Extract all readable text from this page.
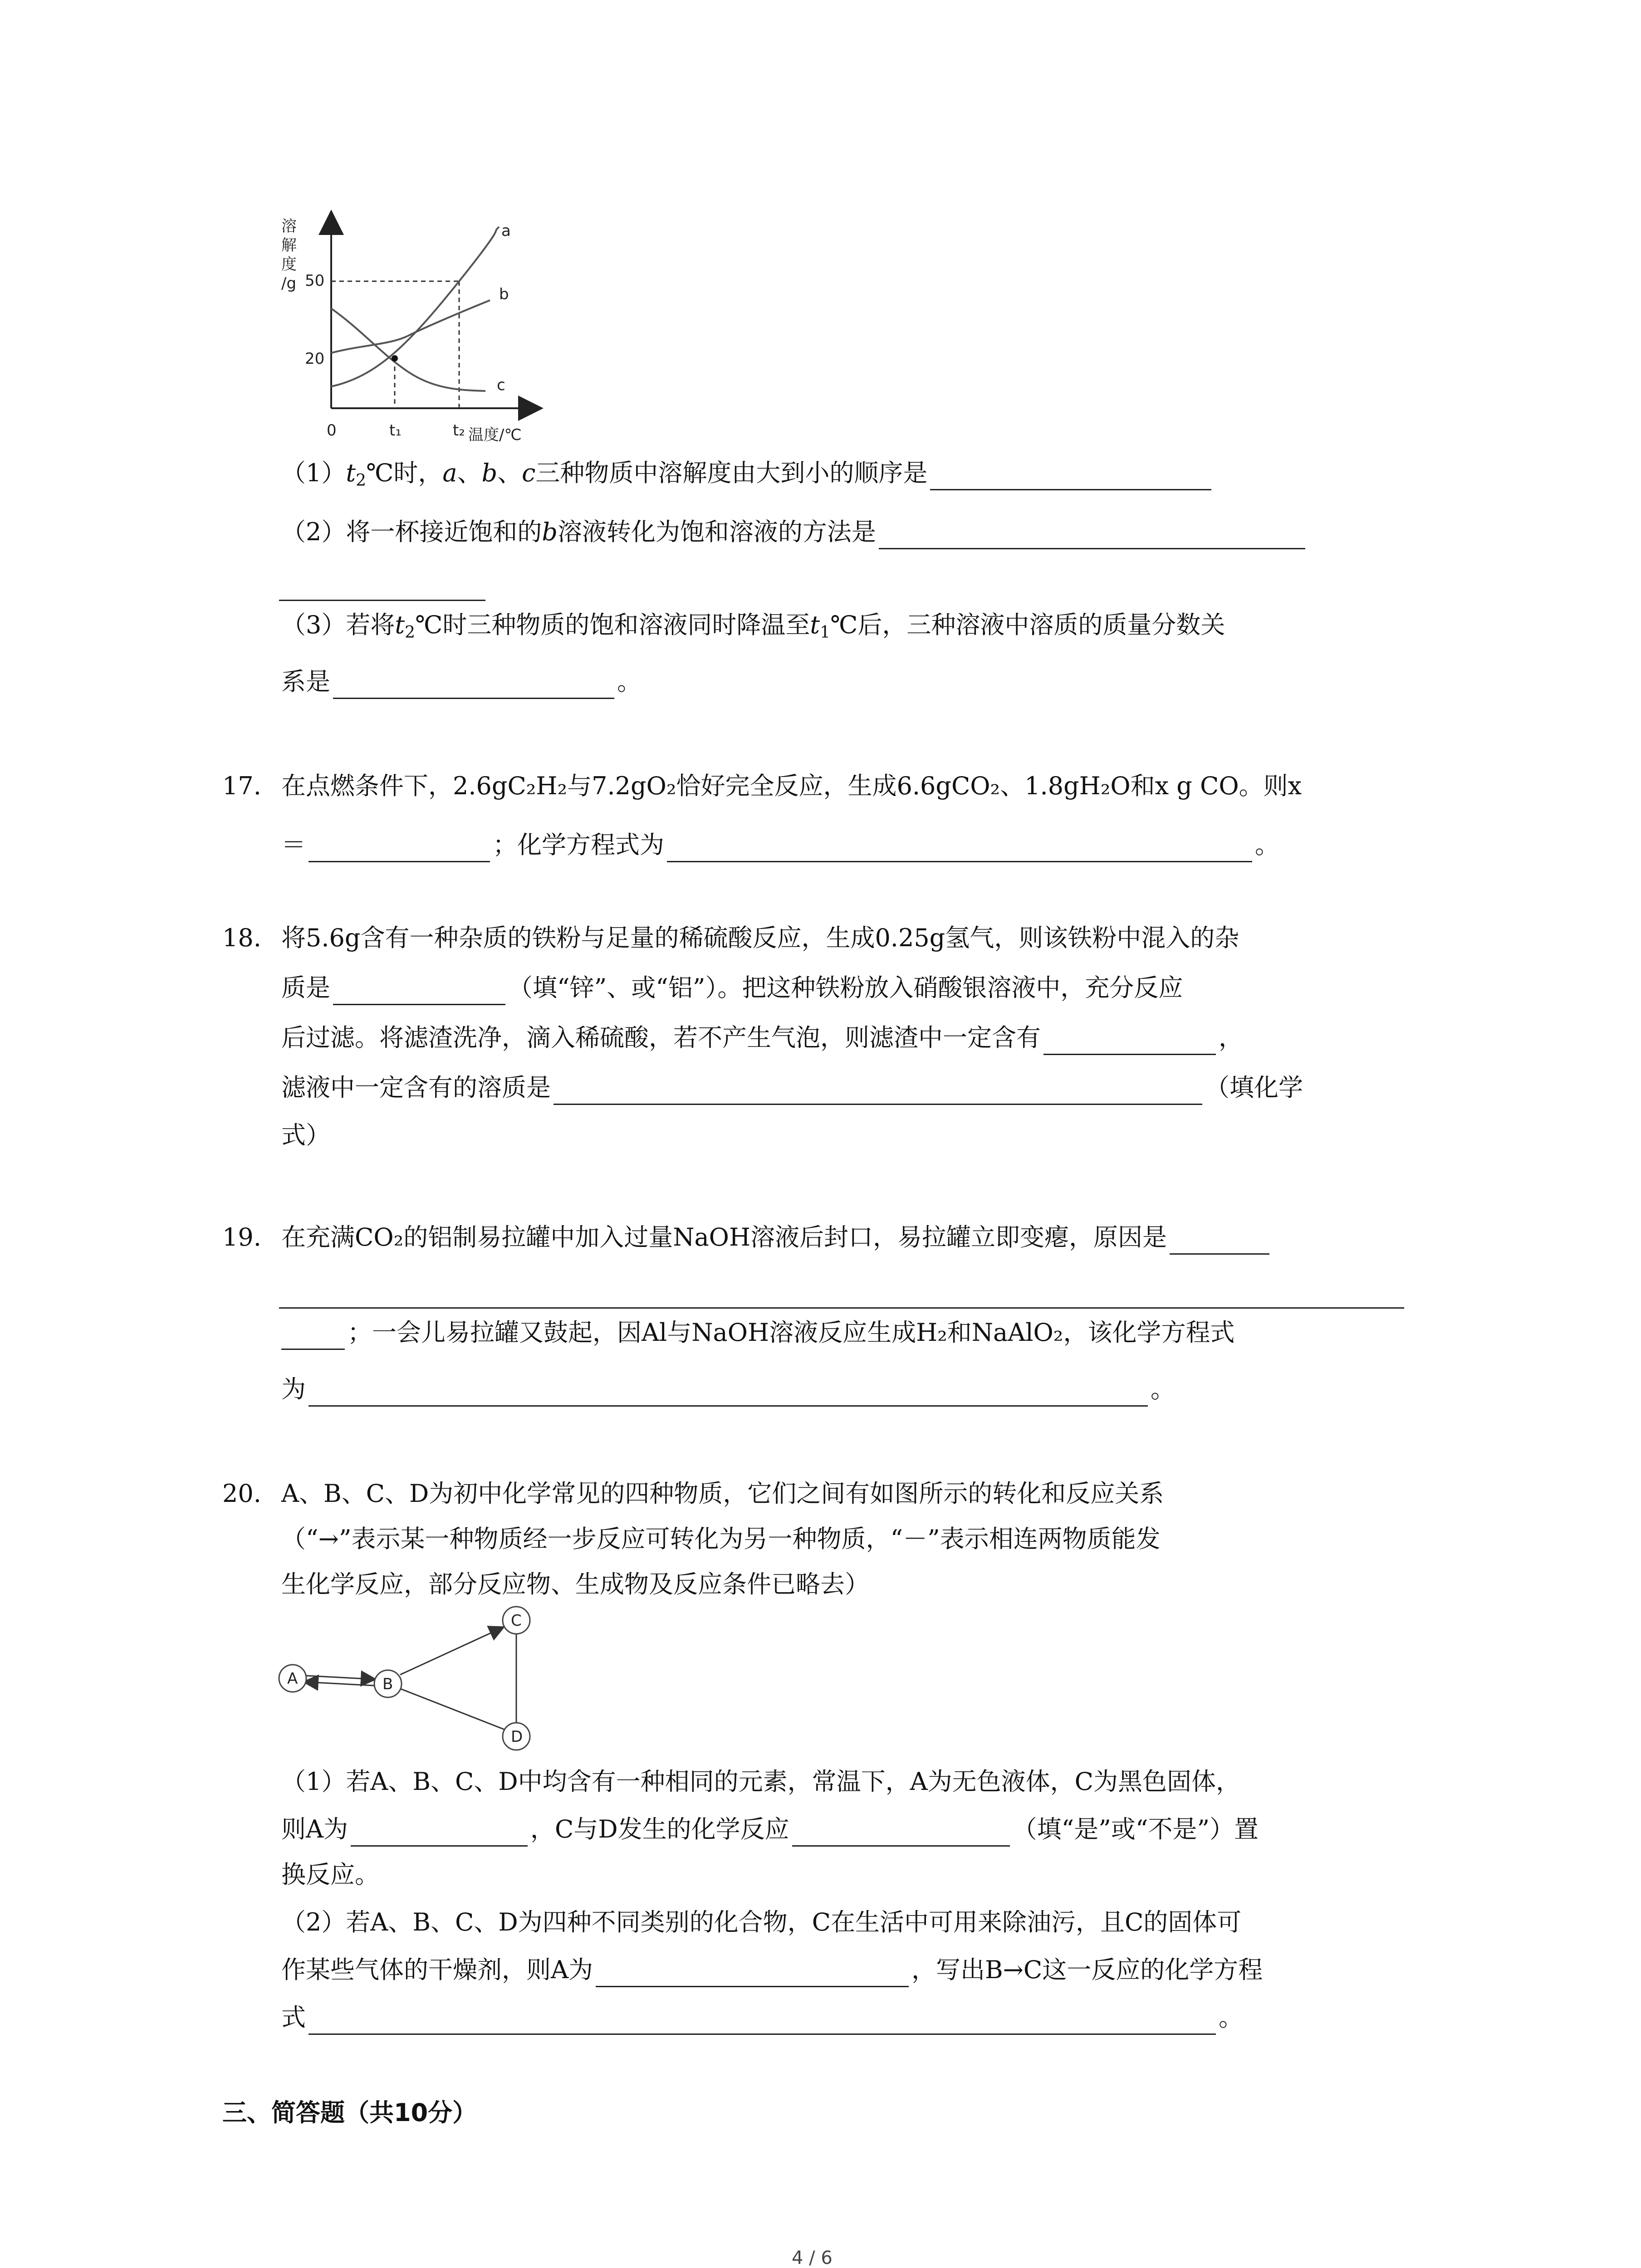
溶
解
度
/g 50
20
0	t₁	t₂ 温度/℃
a
b
c
$(1)t_2℃$时，a、b、c三种物质中溶解度由大到小的顺序是
（2）将一杯接近饱和的b溶液转化为饱和溶液的方法是
（3）若将$t_2℃$时三种物质的饱和溶液同时降温至$t_1℃$后，三种溶液中溶质的质量分数关
系是	。
17. 在点燃条件下，2.6gC₂H₂与7.2gO₂恰好完全反应，生成6.6gCO₂、1.8gH₂O和x g CO。则x
＝	；化学方程式为	。
18. 将5.6g含有一种杂质的铁粉与足量的稀硫酸反应，生成0.25g氢气，则该铁粉中混入的杂
质是	（填“锌”、或“铝”）。把这种铁粉放入硝酸银溶液中，充分反应
后过滤。将滤渣洗净，滴入稀硫酸，若不产生气泡，则滤渣中一定含有	，
滤液中一定含有的溶质是	（填化学
式）
19. 在充满CO₂的铝制易拉罐中加入过量NaOH溶液后封口，易拉罐立即变瘪，原因是
；一会儿易拉罐又鼓起，因Al与NaOH溶液反应生成H₂和NaAlO₂，该化学方程式
为	。
20. A、B、C、D为初中化学常见的四种物质，它们之间有如图所示的转化和反应关系
（“→”表示某一种物质经一步反应可转化为另一种物质，“－”表示相连两物质能发
生化学反应，部分反应物、生成物及反应条件已略去）
A	B
C
D
（1）若A、B、C、D中均含有一种相同的元素，常温下，A为无色液体，C为黑色固体，
则A为	，C与D发生的化学反应	（填“是”或“不是”）置
换反应。
（2）若A、B、C、D为四种不同类别的化合物，C在生活中可用来除油污，且C的固体可
作某些气体的干燥剂，则A为	，写出B→C这一反应的化学方程
式	。
三、简答题（共10分）
4 / 6
